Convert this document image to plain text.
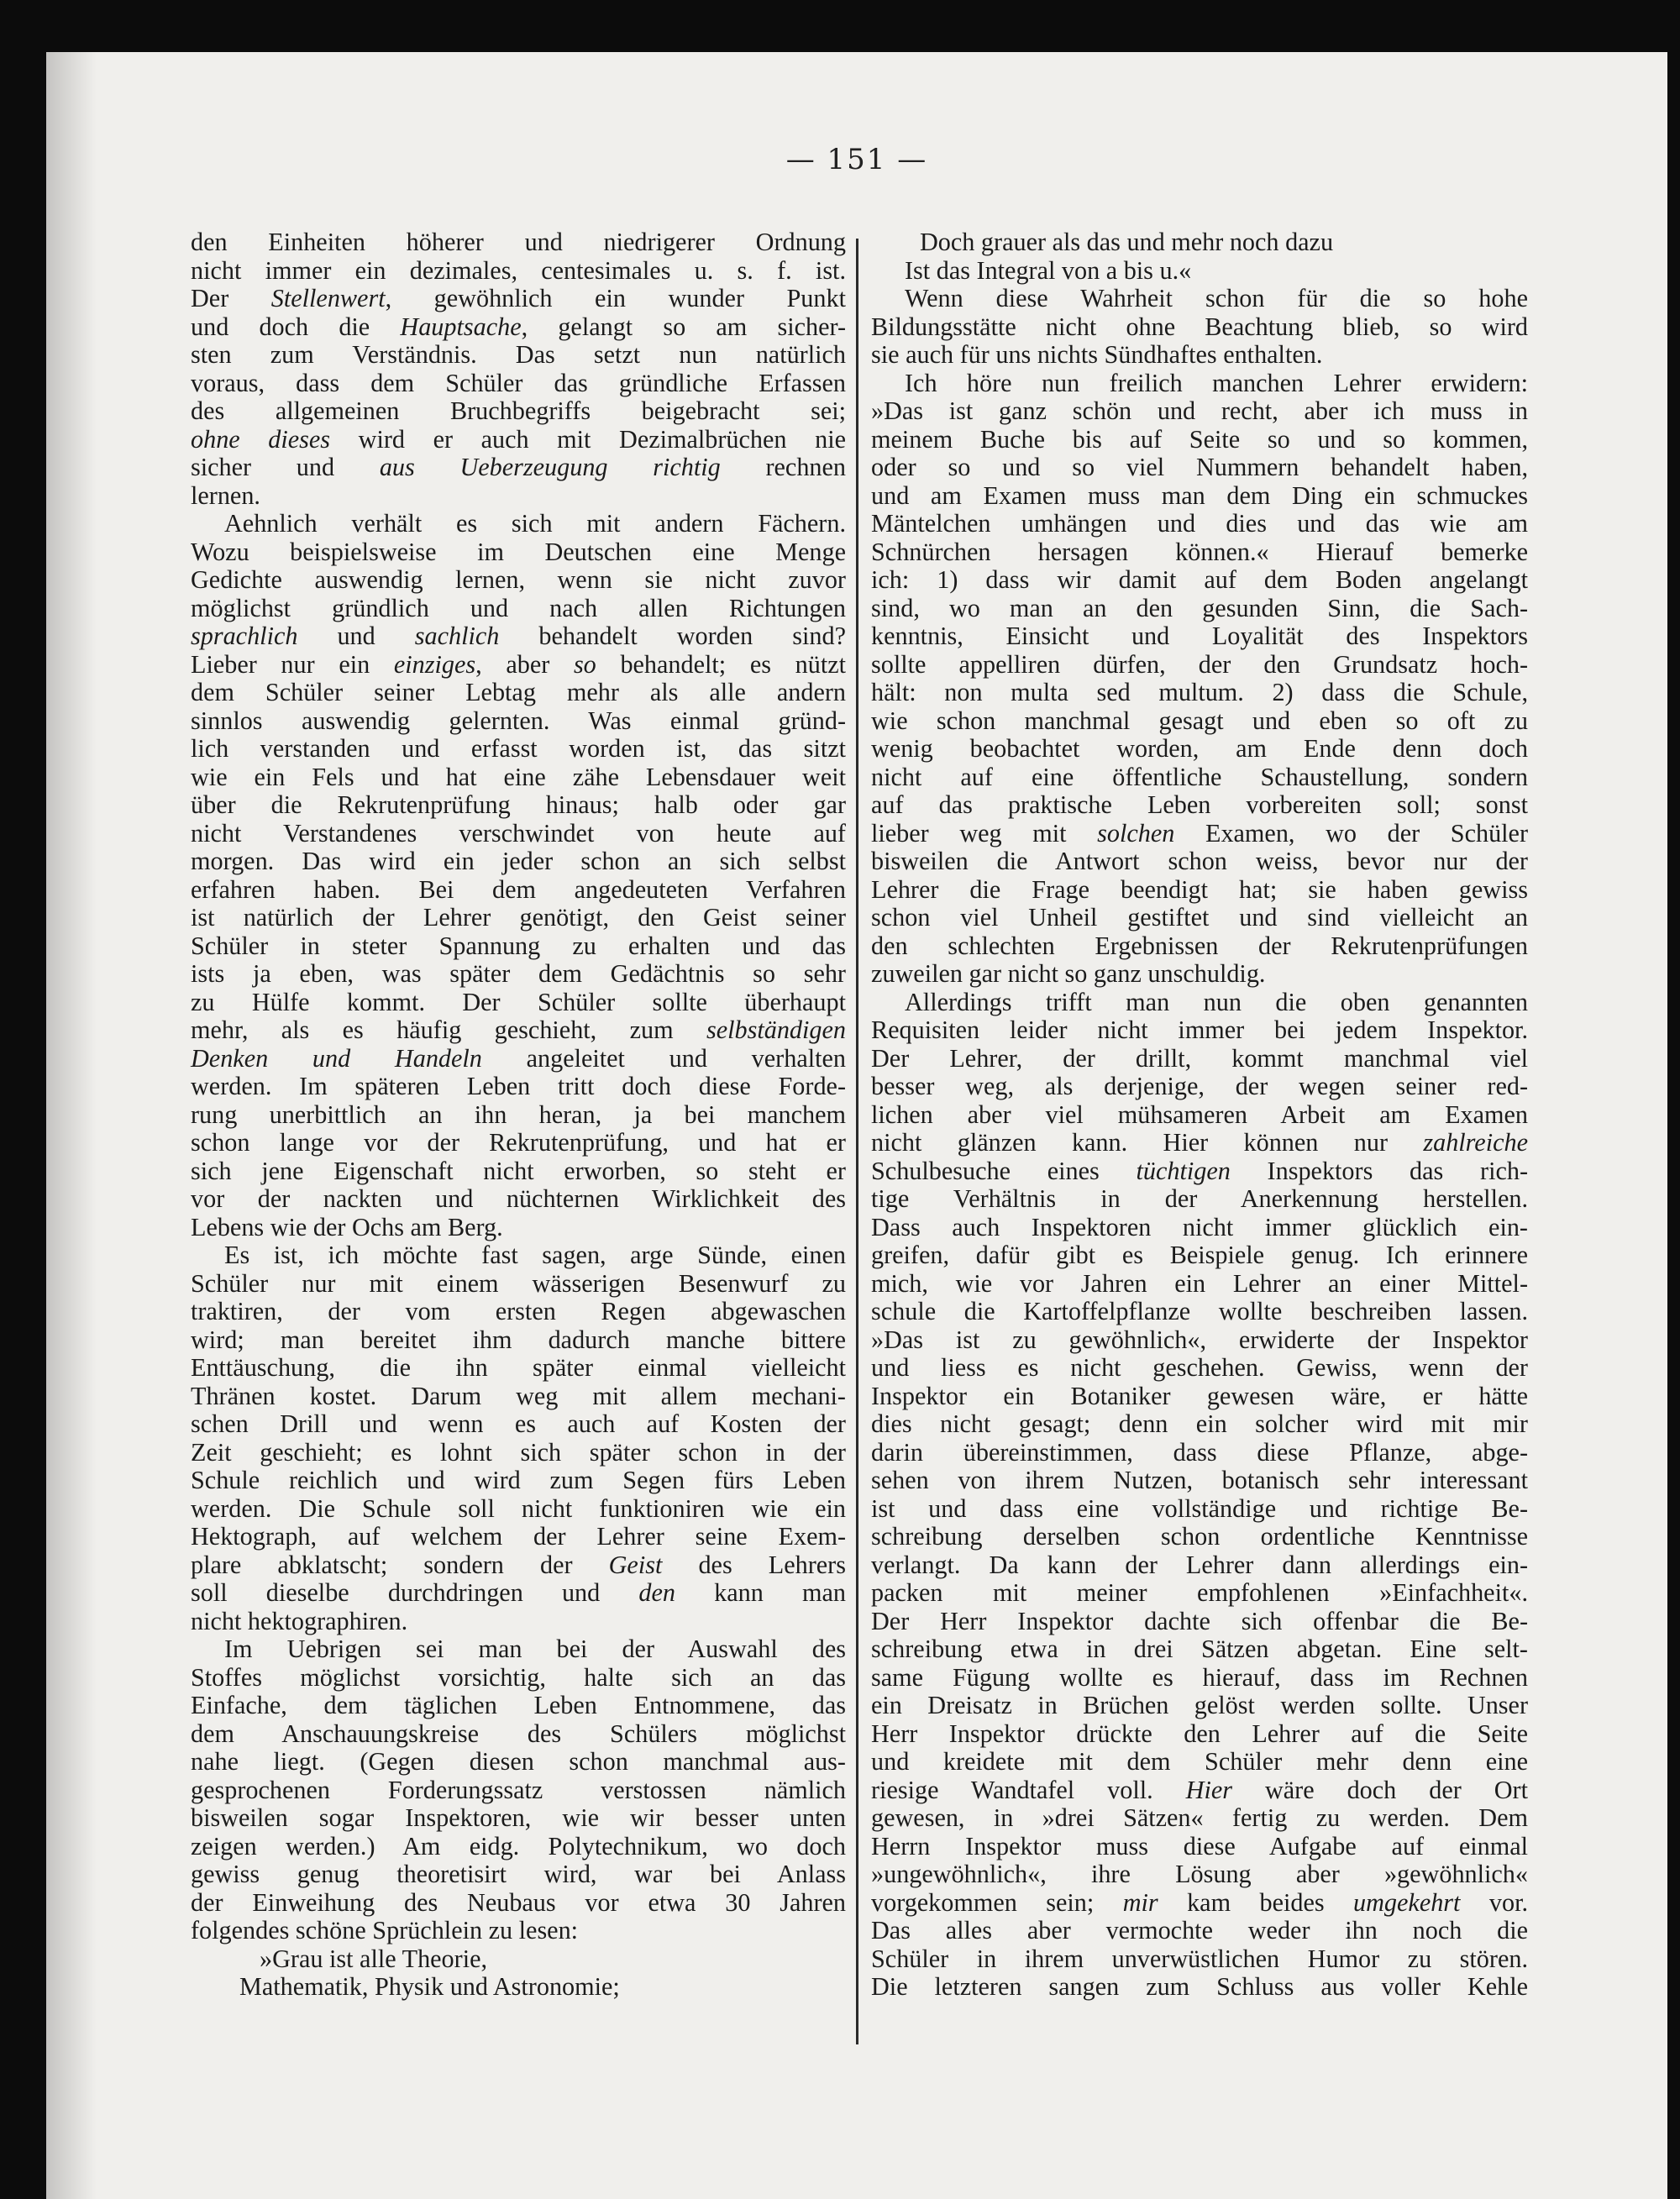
— 151 —
den Einheiten höherer und niedrigerer Ordnung
nicht immer ein dezimales, centesimales u. s. f. ist.
Der Stellenwert, gewöhnlich ein wunder Punkt
und doch die Hauptsache, gelangt so am sicher-
sten zum Verständnis. Das setzt nun natürlich
voraus, dass dem Schüler das gründliche Erfassen
des allgemeinen Bruchbegriffs beigebracht sei;
ohne dieses wird er auch mit Dezimalbrüchen nie
sicher und aus Ueberzeugung richtig rechnen
lernen.
Aehnlich verhält es sich mit andern Fächern.
Wozu beispielsweise im Deutschen eine Menge
Gedichte auswendig lernen, wenn sie nicht zuvor
möglichst gründlich und nach allen Richtungen
sprachlich und sachlich behandelt worden sind?
Lieber nur ein einziges, aber so behandelt; es nützt
dem Schüler seiner Lebtag mehr als alle andern
sinnlos auswendig gelernten. Was einmal gründ-
lich verstanden und erfasst worden ist, das sitzt
wie ein Fels und hat eine zähe Lebensdauer weit
über die Rekrutenprüfung hinaus; halb oder gar
nicht Verstandenes verschwindet von heute auf
morgen. Das wird ein jeder schon an sich selbst
erfahren haben. Bei dem angedeuteten Verfahren
ist natürlich der Lehrer genötigt, den Geist seiner
Schüler in steter Spannung zu erhalten und das
ists ja eben, was später dem Gedächtnis so sehr
zu Hülfe kommt. Der Schüler sollte überhaupt
mehr, als es häufig geschieht, zum selbständigen
Denken und Handeln angeleitet und verhalten
werden. Im späteren Leben tritt doch diese Forde-
rung unerbittlich an ihn heran, ja bei manchem
schon lange vor der Rekrutenprüfung, und hat er
sich jene Eigenschaft nicht erworben, so steht er
vor der nackten und nüchternen Wirklichkeit des
Lebens wie der Ochs am Berg.
Es ist, ich möchte fast sagen, arge Sünde, einen
Schüler nur mit einem wässerigen Besenwurf zu
traktiren, der vom ersten Regen abgewaschen
wird; man bereitet ihm dadurch manche bittere
Enttäuschung, die ihn später einmal vielleicht
Thränen kostet. Darum weg mit allem mechani-
schen Drill und wenn es auch auf Kosten der
Zeit geschieht; es lohnt sich später schon in der
Schule reichlich und wird zum Segen fürs Leben
werden. Die Schule soll nicht funktioniren wie ein
Hektograph, auf welchem der Lehrer seine Exem-
plare abklatscht; sondern der Geist des Lehrers
soll dieselbe durchdringen und den kann man
nicht hektographiren.
Im Uebrigen sei man bei der Auswahl des
Stoffes möglichst vorsichtig, halte sich an das
Einfache, dem täglichen Leben Entnommene, das
dem Anschauungskreise des Schülers möglichst
nahe liegt. (Gegen diesen schon manchmal aus-
gesprochenen Forderungssatz verstossen nämlich
bisweilen sogar Inspektoren, wie wir besser unten
zeigen werden.) Am eidg. Polytechnikum, wo doch
gewiss genug theoretisirt wird, war bei Anlass
der Einweihung des Neubaus vor etwa 30 Jahren
folgendes schöne Sprüchlein zu lesen:
»Grau ist alle Theorie,
Mathematik, Physik und Astronomie;
Doch grauer als das und mehr noch dazu
Ist das Integral von a bis u.«
Wenn diese Wahrheit schon für die so hohe
Bildungsstätte nicht ohne Beachtung blieb, so wird
sie auch für uns nichts Sündhaftes enthalten.
Ich höre nun freilich manchen Lehrer erwidern:
»Das ist ganz schön und recht, aber ich muss in
meinem Buche bis auf Seite so und so kommen,
oder so und so viel Nummern behandelt haben,
und am Examen muss man dem Ding ein schmuckes
Mäntelchen umhängen und dies und das wie am
Schnürchen hersagen können.« Hierauf bemerke
ich: 1) dass wir damit auf dem Boden angelangt
sind, wo man an den gesunden Sinn, die Sach-
kenntnis, Einsicht und Loyalität des Inspektors
sollte appelliren dürfen, der den Grundsatz hoch-
hält: non multa sed multum. 2) dass die Schule,
wie schon manchmal gesagt und eben so oft zu
wenig beobachtet worden, am Ende denn doch
nicht auf eine öffentliche Schaustellung, sondern
auf das praktische Leben vorbereiten soll; sonst
lieber weg mit solchen Examen, wo der Schüler
bisweilen die Antwort schon weiss, bevor nur der
Lehrer die Frage beendigt hat; sie haben gewiss
schon viel Unheil gestiftet und sind vielleicht an
den schlechten Ergebnissen der Rekrutenprüfungen
zuweilen gar nicht so ganz unschuldig.
Allerdings trifft man nun die oben genannten
Requisiten leider nicht immer bei jedem Inspektor.
Der Lehrer, der drillt, kommt manchmal viel
besser weg, als derjenige, der wegen seiner red-
lichen aber viel mühsameren Arbeit am Examen
nicht glänzen kann. Hier können nur zahlreiche
Schulbesuche eines tüchtigen Inspektors das rich-
tige Verhältnis in der Anerkennung herstellen.
Dass auch Inspektoren nicht immer glücklich ein-
greifen, dafür gibt es Beispiele genug. Ich erinnere
mich, wie vor Jahren ein Lehrer an einer Mittel-
schule die Kartoffelpflanze wollte beschreiben lassen.
»Das ist zu gewöhnlich«, erwiderte der Inspektor
und liess es nicht geschehen. Gewiss, wenn der
Inspektor ein Botaniker gewesen wäre, er hätte
dies nicht gesagt; denn ein solcher wird mit mir
darin übereinstimmen, dass diese Pflanze, abge-
sehen von ihrem Nutzen, botanisch sehr interessant
ist und dass eine vollständige und richtige Be-
schreibung derselben schon ordentliche Kenntnisse
verlangt. Da kann der Lehrer dann allerdings ein-
packen mit meiner empfohlenen »Einfachheit«.
Der Herr Inspektor dachte sich offenbar die Be-
schreibung etwa in drei Sätzen abgetan. Eine selt-
same Fügung wollte es hierauf, dass im Rechnen
ein Dreisatz in Brüchen gelöst werden sollte. Unser
Herr Inspektor drückte den Lehrer auf die Seite
und kreidete mit dem Schüler mehr denn eine
riesige Wandtafel voll. Hier wäre doch der Ort
gewesen, in »drei Sätzen« fertig zu werden. Dem
Herrn Inspektor muss diese Aufgabe auf einmal
»ungewöhnlich«, ihre Lösung aber »gewöhnlich«
vorgekommen sein; mir kam beides umgekehrt vor.
Das alles aber vermochte weder ihn noch die
Schüler in ihrem unverwüstlichen Humor zu stören.
Die letzteren sangen zum Schluss aus voller Kehle
